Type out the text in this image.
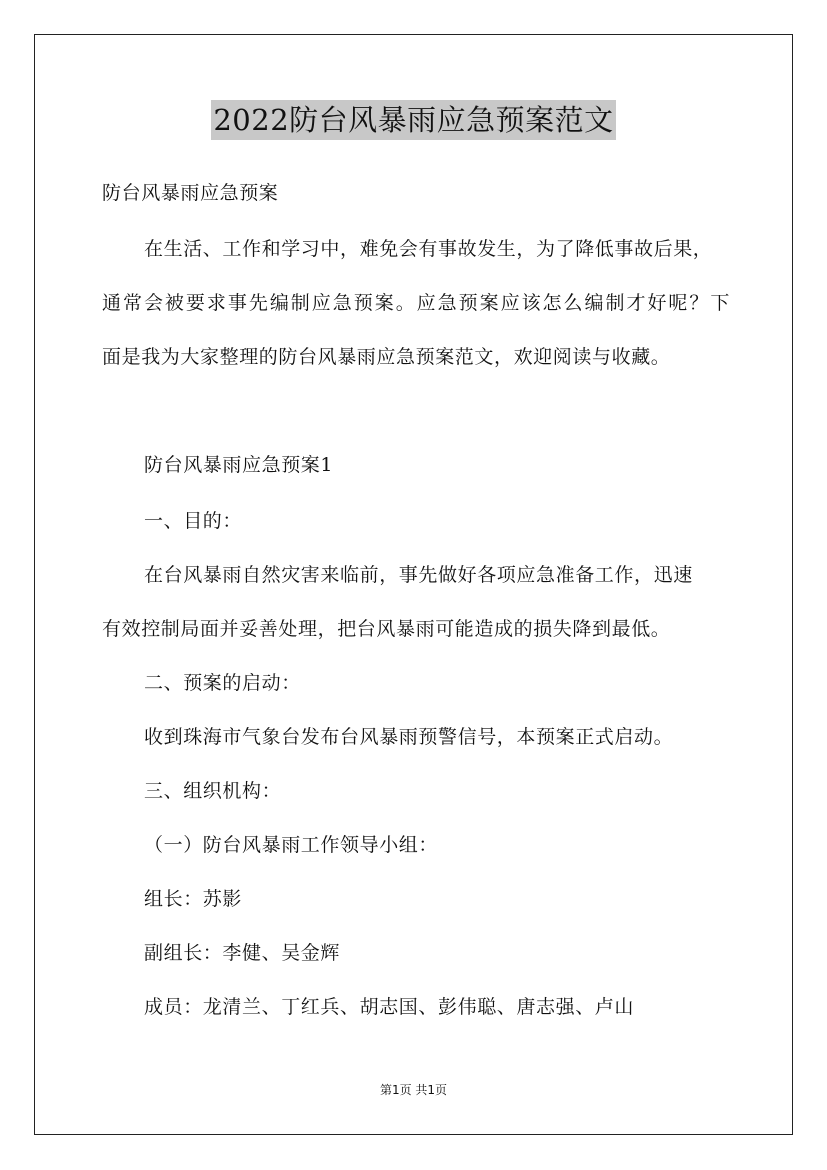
2022防台风暴雨应急预案范文
防台风暴雨应急预案
在生活、工作和学习中，难免会有事故发生，为了降低事故后果，
通常会被要求事先编制应急预案。应急预案应该怎么编制才好呢？下
面是我为大家整理的防台风暴雨应急预案范文，欢迎阅读与收藏。
防台风暴雨应急预案1
一、目的：
在台风暴雨自然灾害来临前，事先做好各项应急准备工作，迅速
有效控制局面并妥善处理，把台风暴雨可能造成的损失降到最低。
二、预案的启动：
收到珠海市气象台发布台风暴雨预警信号，本预案正式启动。
三、组织机构：
（一）防台风暴雨工作领导小组：
组长：苏影
副组长：李健、吴金辉
成员：龙清兰、丁红兵、胡志国、彭伟聪、唐志强、卢山
第1页 共1页
